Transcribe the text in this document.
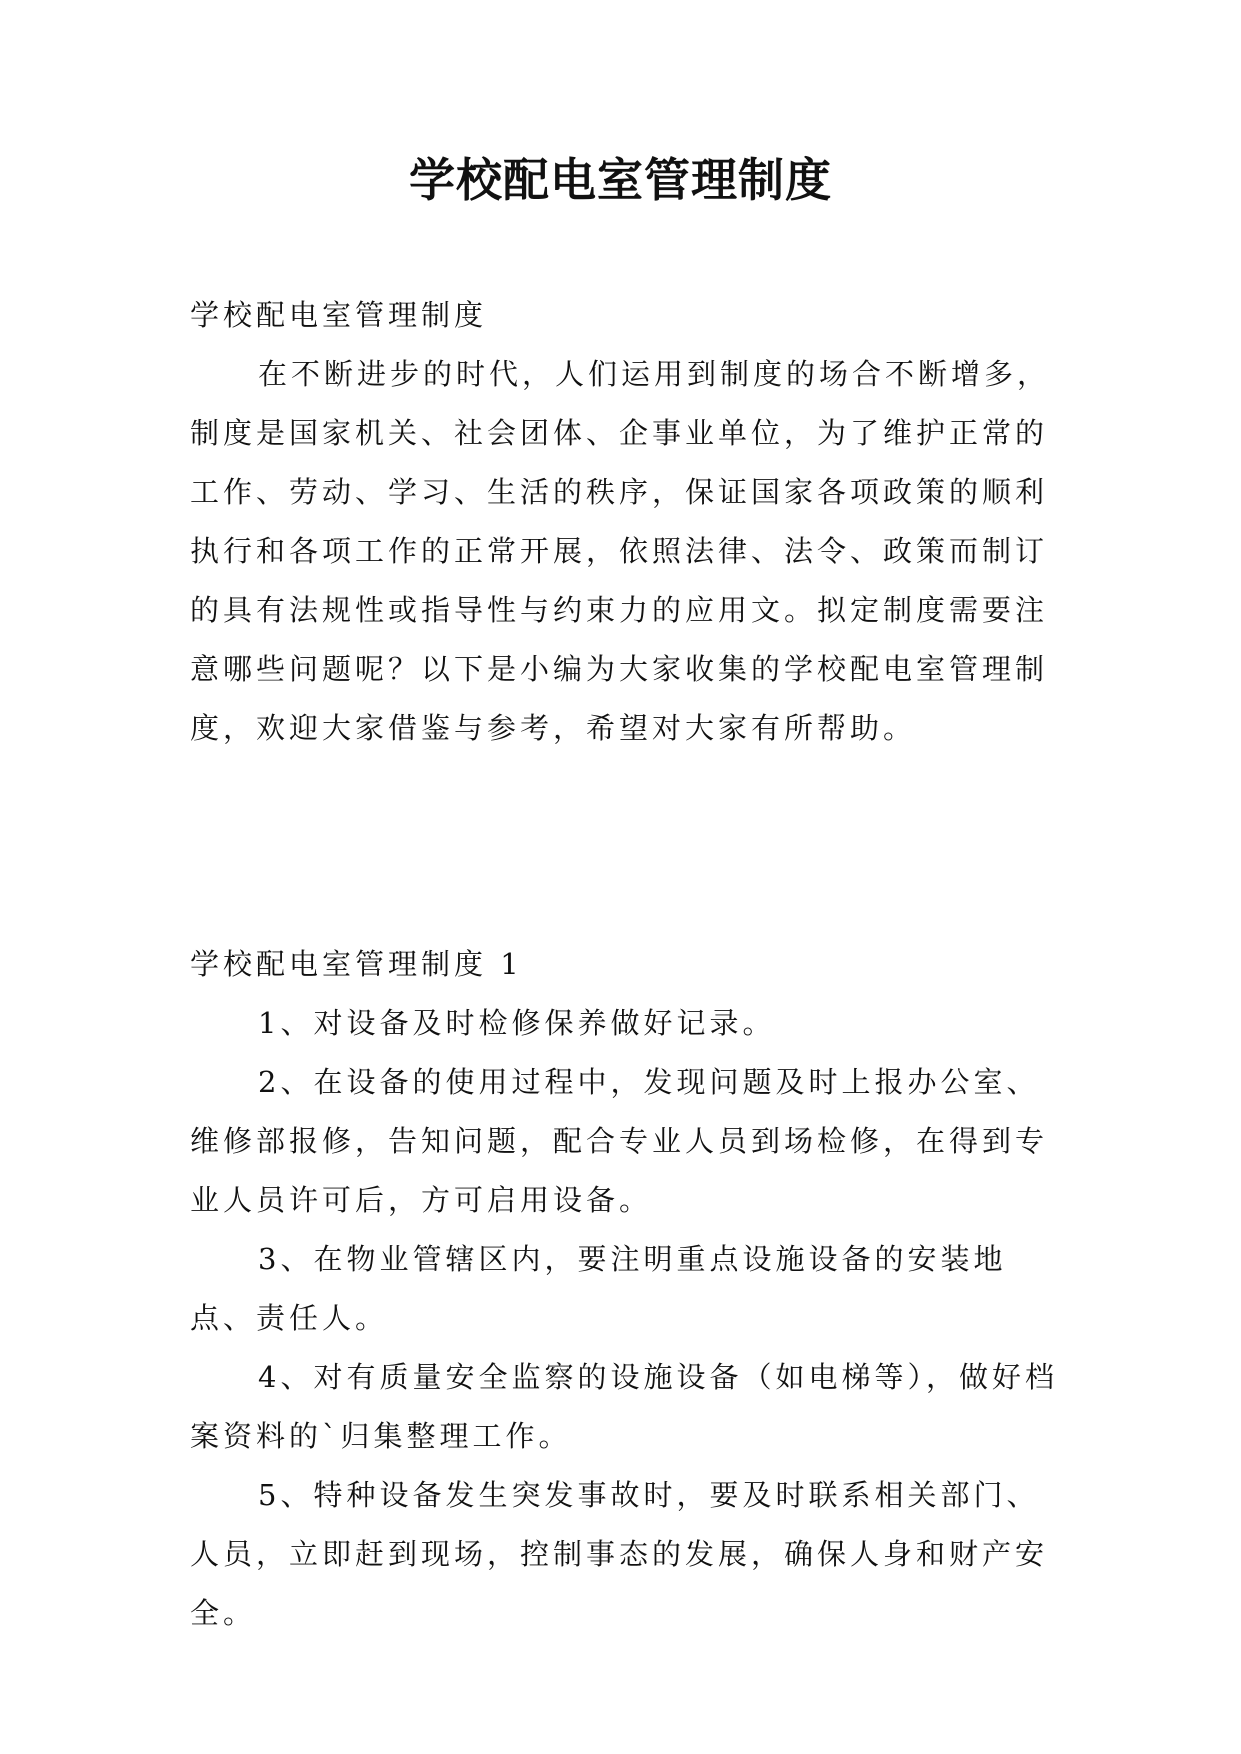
学校配电室管理制度

学校配电室管理制度

在不断进步的时代，人们运用到制度的场合不断增多，制度是国家机关、社会团体、企事业单位，为了维护正常的工作、劳动、学习、生活的秩序，保证国家各项政策的顺利执行和各项工作的正常开展，依照法律、法令、政策而制订的具有法规性或指导性与约束力的应用文。拟定制度需要注意哪些问题呢？以下是小编为大家收集的学校配电室管理制度，欢迎大家借鉴与参考，希望对大家有所帮助。

学校配电室管理制度 1

1、对设备及时检修保养做好记录。

2、在设备的使用过程中，发现问题及时上报办公室、维修部报修，告知问题，配合专业人员到场检修，在得到专业人员许可后，方可启用设备。

3、在物业管辖区内，要注明重点设施设备的安装地点、责任人。

4、对有质量安全监察的设施设备（如电梯等），做好档案资料的`归集整理工作。

5、特种设备发生突发事故时，要及时联系相关部门、人员，立即赶到现场，控制事态的发展，确保人身和财产安全。
